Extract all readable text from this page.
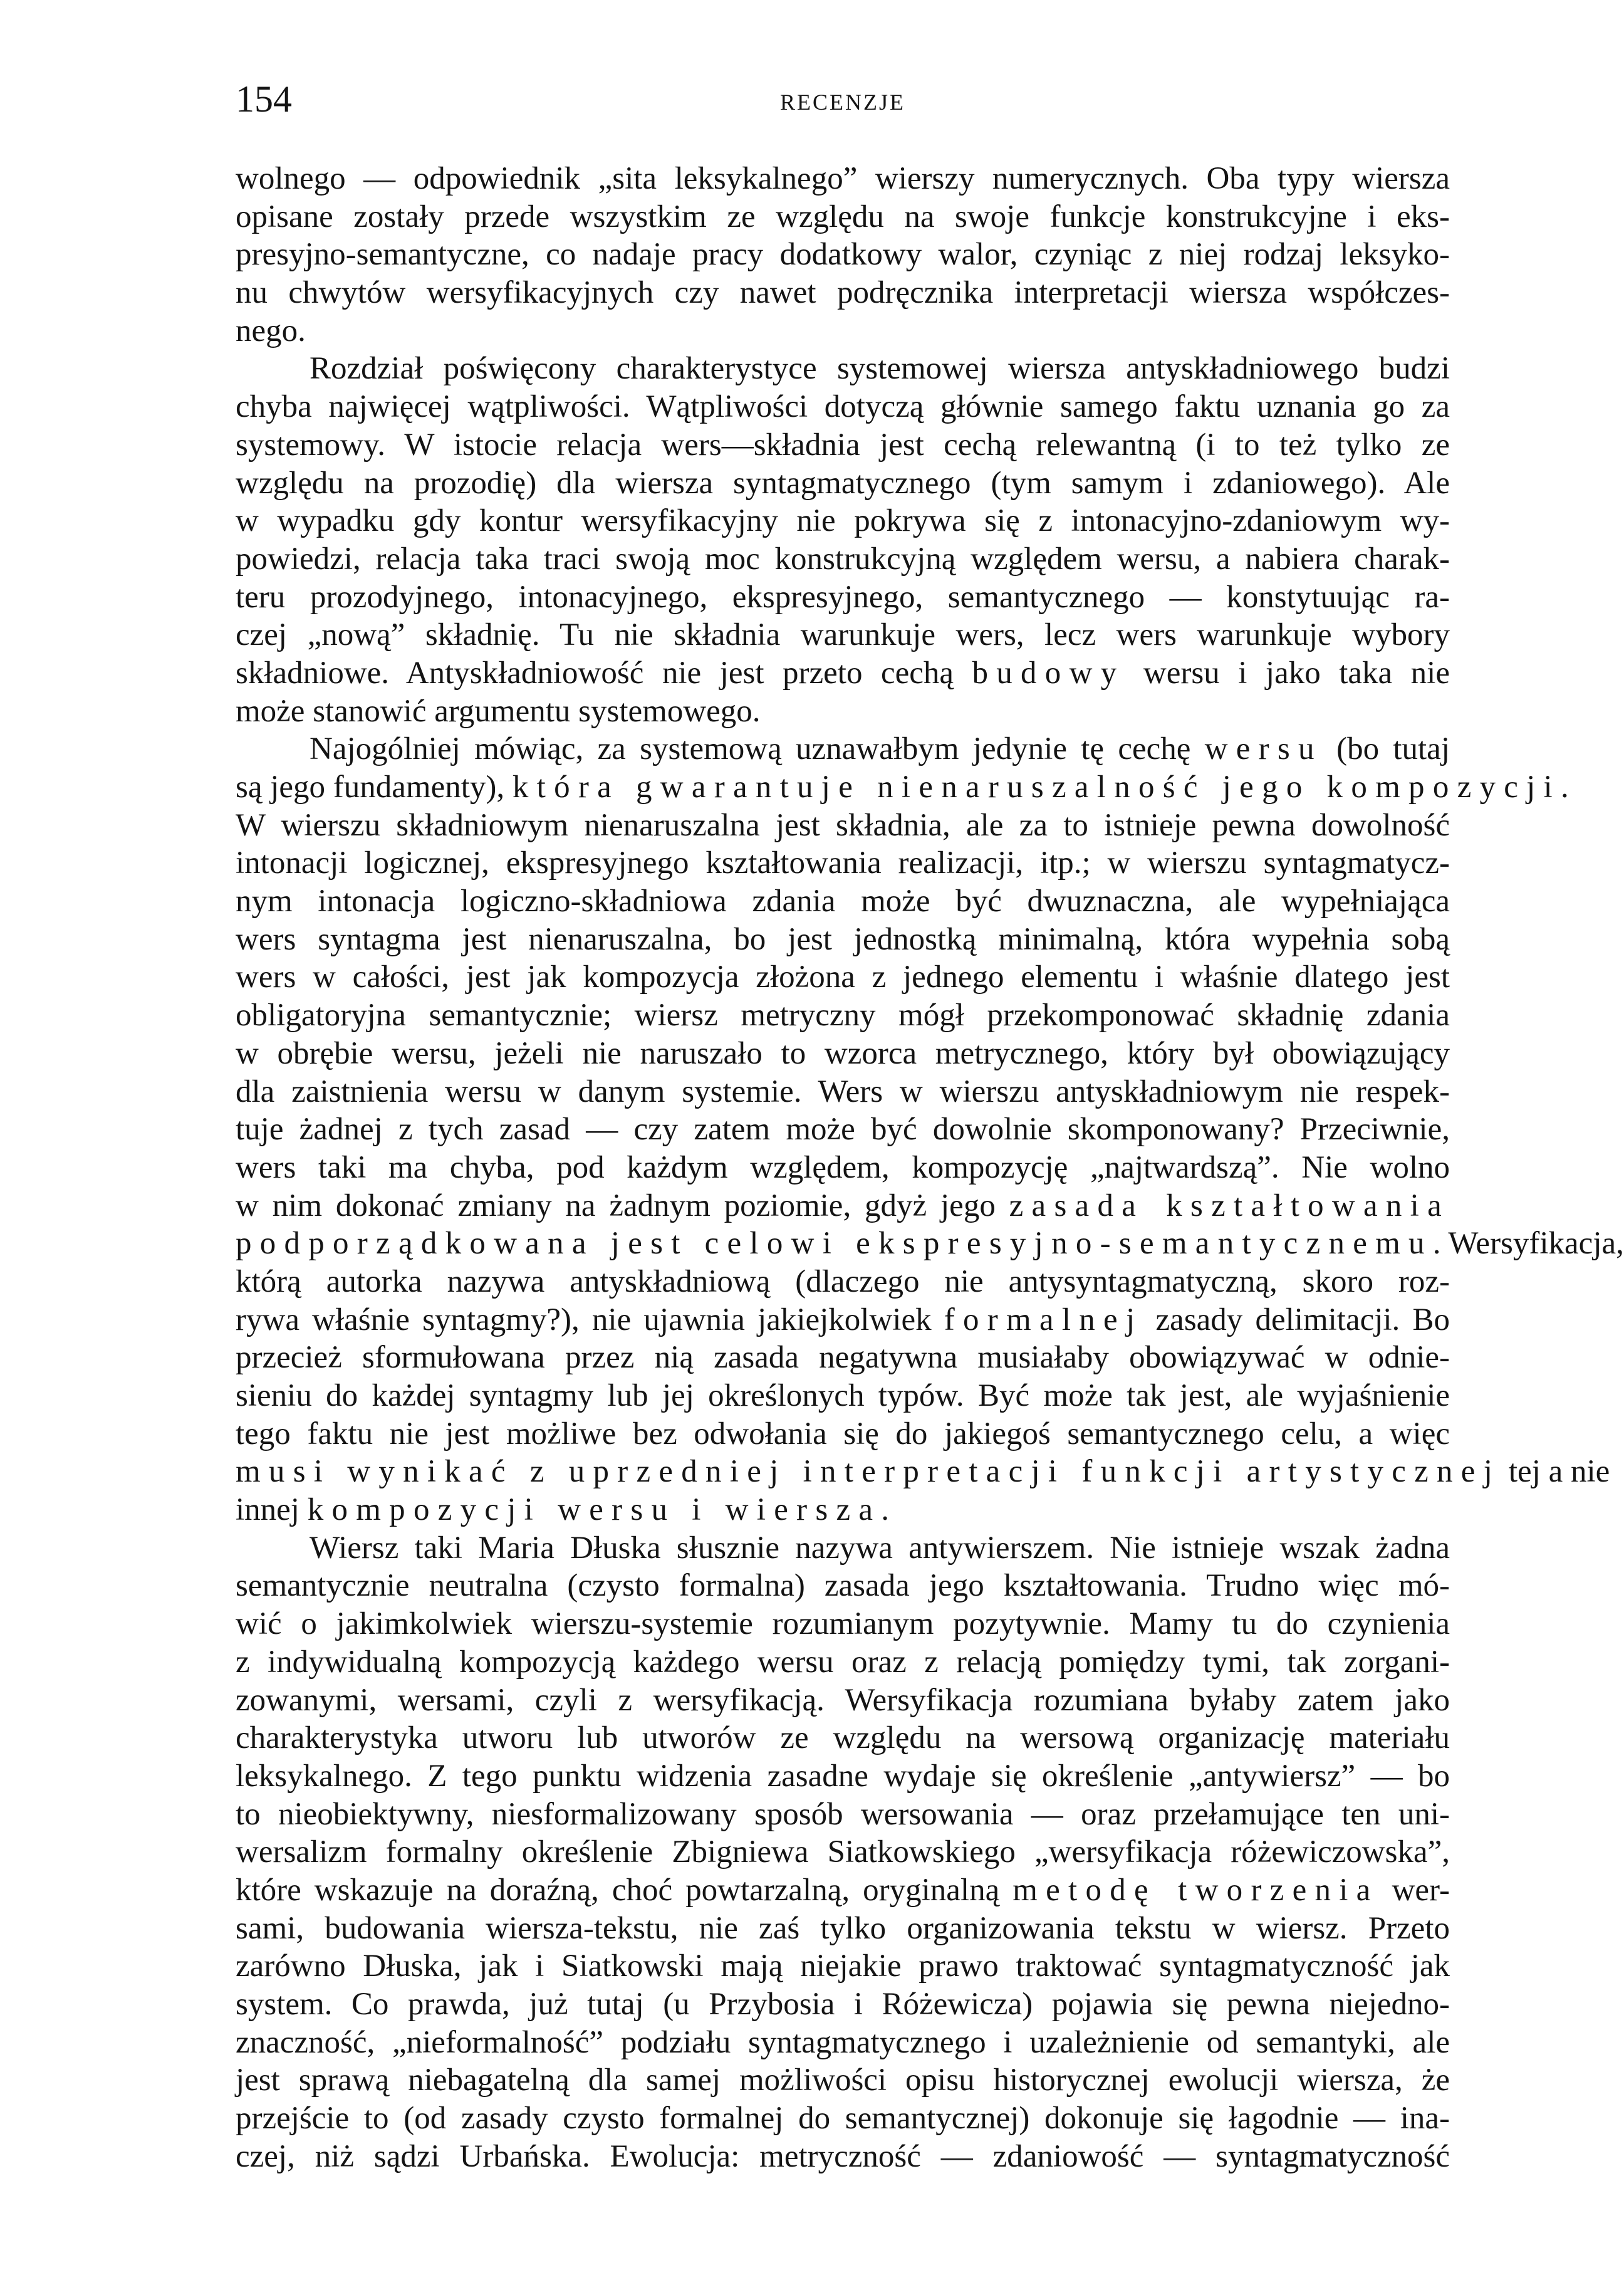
154	RECENZJE
wolnego — odpowiednik „sita leksykalnego” wierszy numerycznych. Oba typy wiersza
opisane zostały przede wszystkim ze względu na swoje funkcje konstrukcyjne i eks-
presyjno-semantyczne, co nadaje pracy dodatkowy walor, czyniąc z niej rodzaj leksyko-
nu chwytów wersyfikacyjnych czy nawet podręcznika interpretacji wiersza współczes-
nego.
Rozdział poświęcony charakterystyce systemowej wiersza antyskładniowego budzi
chyba najwięcej wątpliwości. Wątpliwości dotyczą głównie samego faktu uznania go za
systemowy. W istocie relacja wers—składnia jest cechą relewantną (i to też tylko ze
względu na prozodię) dla wiersza syntagmatycznego (tym samym i zdaniowego). Ale
w wypadku gdy kontur wersyfikacyjny nie pokrywa się z intonacyjno-zdaniowym wy-
powiedzi, relacja taka traci swoją moc konstrukcyjną względem wersu, a nabiera charak-
teru prozodyjnego, intonacyjnego, ekspresyjnego, semantycznego — konstytuując ra-
czej „nową” składnię. Tu nie składnia warunkuje wers, lecz wers warunkuje wybory
składniowe. Antyskładniowość nie jest przeto cechą budowy wersu i jako taka nie
może stanowić argumentu systemowego.
Najogólniej mówiąc, za systemową uznawałbym jedynie tę cechę wersu (bo tutaj
są jego fundamenty), która gwarantuje nienaruszalność jego kompozycji.
W wierszu składniowym nienaruszalna jest składnia, ale za to istnieje pewna dowolność
intonacji logicznej, ekspresyjnego kształtowania realizacji, itp.; w wierszu syntagmatycz-
nym intonacja logiczno-składniowa zdania może być dwuznaczna, ale wypełniająca
wers syntagma jest nienaruszalna, bo jest jednostką minimalną, która wypełnia sobą
wers w całości, jest jak kompozycja złożona z jednego elementu i właśnie dlatego jest
obligatoryjna semantycznie; wiersz metryczny mógł przekomponować składnię zdania
w obrębie wersu, jeżeli nie naruszało to wzorca metrycznego, który był obowiązujący
dla zaistnienia wersu w danym systemie. Wers w wierszu antyskładniowym nie respek-
tuje żadnej z tych zasad — czy zatem może być dowolnie skomponowany? Przeciwnie,
wers taki ma chyba, pod każdym względem, kompozycję „najtwardszą”. Nie wolno
w nim dokonać zmiany na żadnym poziomie, gdyż jego zasada kształtowania
podporządkowana jest celowi ekspresyjno-semantycznemu. Wersyfikacja,
którą autorka nazywa antyskładniową (dlaczego nie antysyntagmatyczną, skoro roz-
rywa właśnie syntagmy?), nie ujawnia jakiejkolwiek formalnej zasady delimitacji. Bo
przecież sformułowana przez nią zasada negatywna musiałaby obowiązywać w odnie-
sieniu do każdej syntagmy lub jej określonych typów. Być może tak jest, ale wyjaśnienie
tego faktu nie jest możliwe bez odwołania się do jakiegoś semantycznego celu, a więc
musi wynikać z uprzedniej interpretacji funkcji artystycznej tej a nie
innej kompozycji wersu i wiersza.
Wiersz taki Maria Dłuska słusznie nazywa antywierszem. Nie istnieje wszak żadna
semantycznie neutralna (czysto formalna) zasada jego kształtowania. Trudno więc mó-
wić o jakimkolwiek wierszu-systemie rozumianym pozytywnie. Mamy tu do czynienia
z indywidualną kompozycją każdego wersu oraz z relacją pomiędzy tymi, tak zorgani-
zowanymi, wersami, czyli z wersyfikacją. Wersyfikacja rozumiana byłaby zatem jako
charakterystyka utworu lub utworów ze względu na wersową organizację materiału
leksykalnego. Z tego punktu widzenia zasadne wydaje się określenie „antywiersz” — bo
to nieobiektywny, niesformalizowany sposób wersowania — oraz przełamujące ten uni-
wersalizm formalny określenie Zbigniewa Siatkowskiego „wersyfikacja różewiczowska”,
które wskazuje na doraźną, choć powtarzalną, oryginalną metodę tworzenia wer-
sami, budowania wiersza-tekstu, nie zaś tylko organizowania tekstu w wiersz. Przeto
zarówno Dłuska, jak i Siatkowski mają niejakie prawo traktować syntagmatyczność jak
system. Co prawda, już tutaj (u Przybosia i Różewicza) pojawia się pewna niejedno-
znaczność, „nieformalność” podziału syntagmatycznego i uzależnienie od semantyki, ale
jest sprawą niebagatelną dla samej możliwości opisu historycznej ewolucji wiersza, że
przejście to (od zasady czysto formalnej do semantycznej) dokonuje się łagodnie — ina-
czej, niż sądzi Urbańska. Ewolucja: metryczność — zdaniowość — syntagmatyczność
